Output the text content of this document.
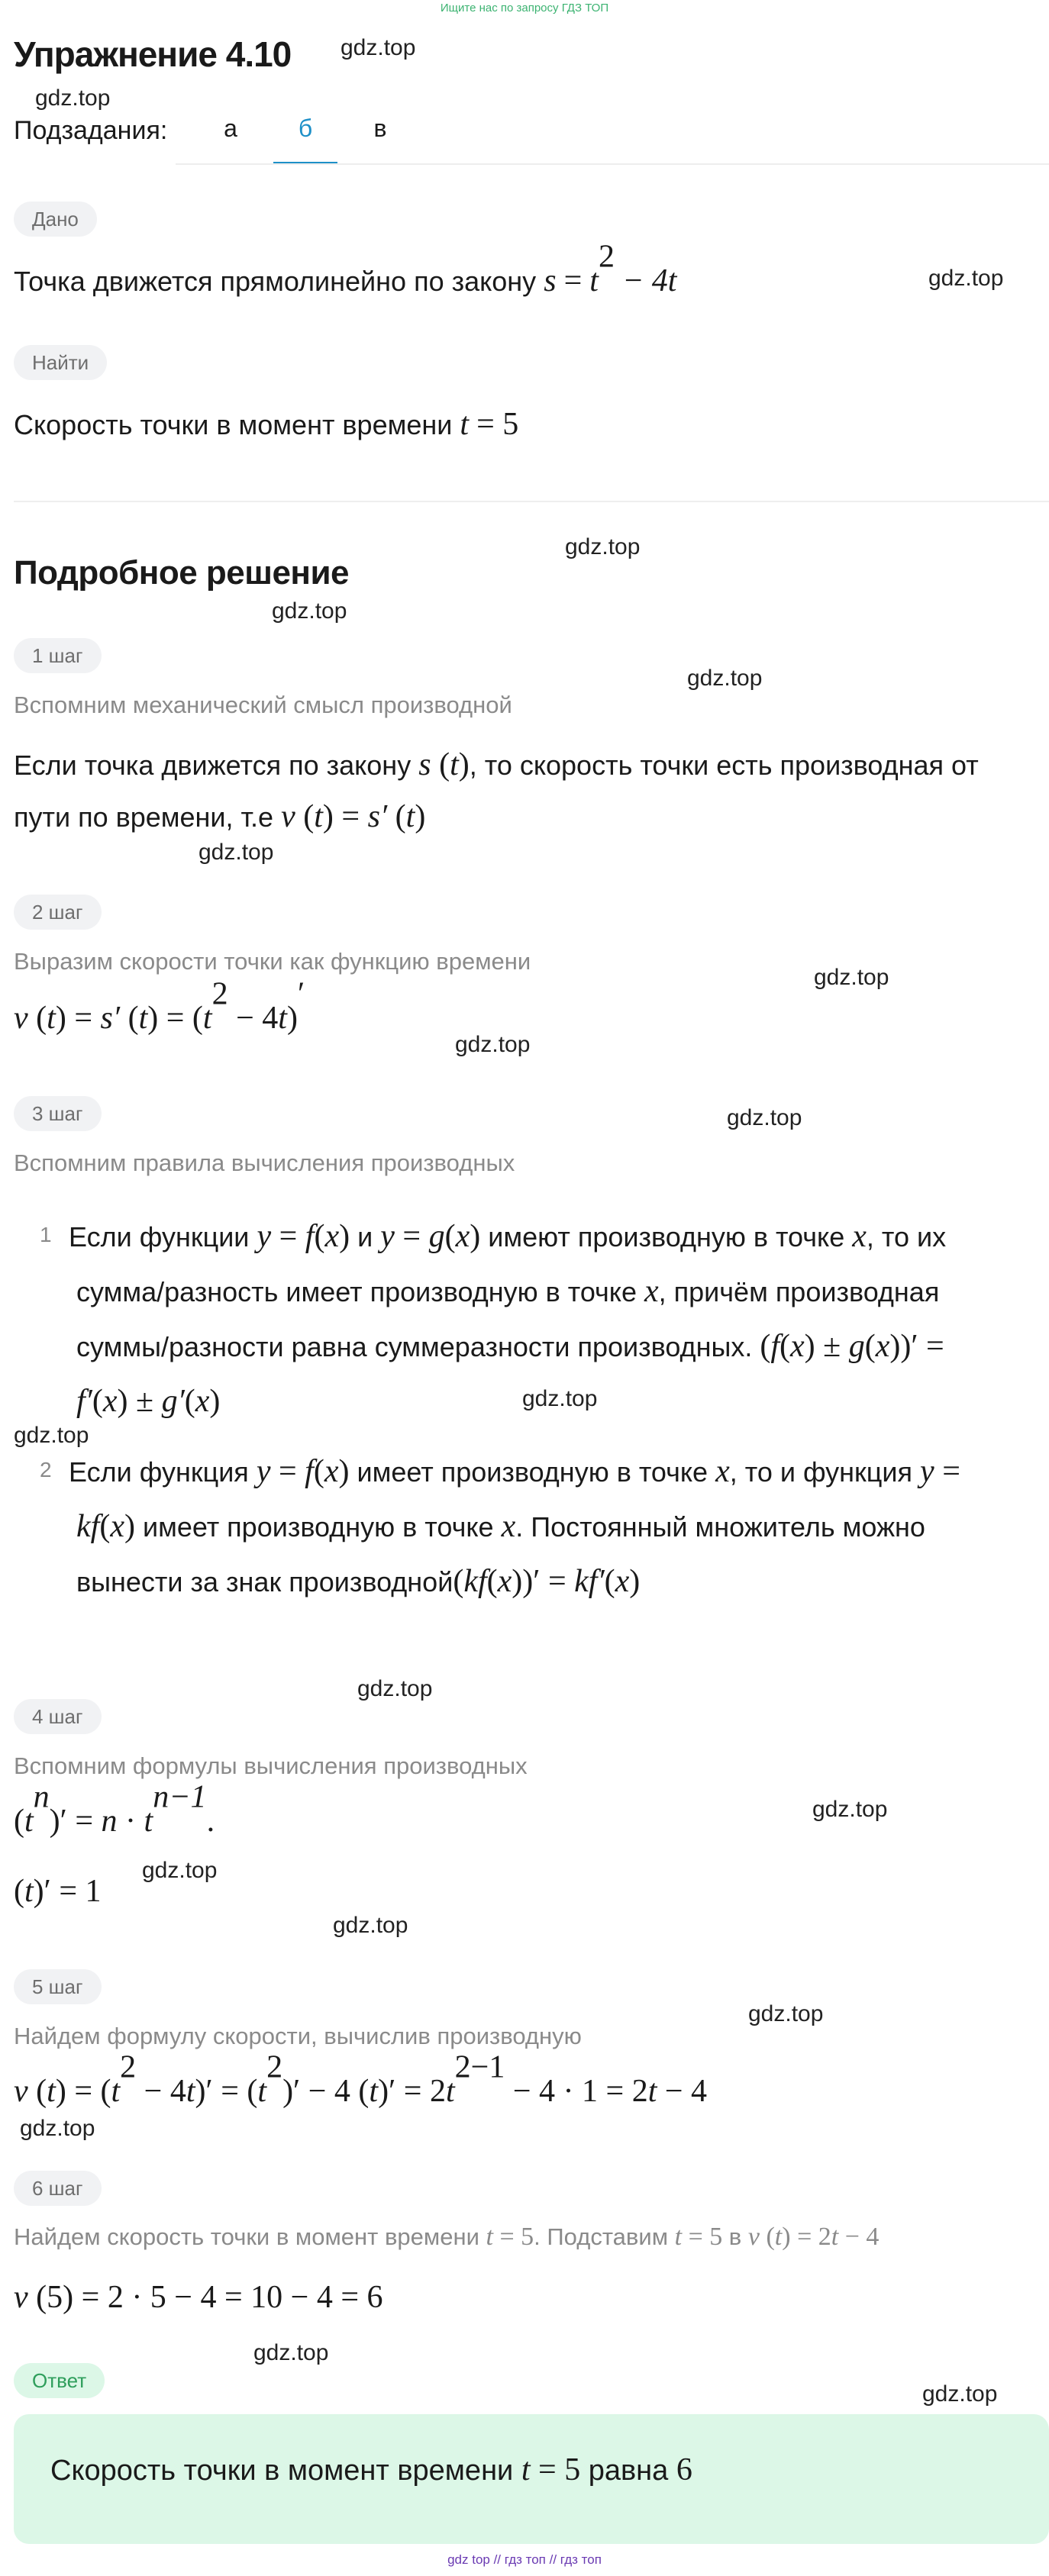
Ищите нас по запросу ГДЗ ТОП
Упражнение 4.10 gdz.top
gdz.top
gdz.top
gdz.top
gdz.top
gdz.top
gdz.top
gdz.top
gdz.top
gdz.top
gdz.top
gdz.top
gdz.top
gdz.top
gdz.top
gdz.top
gdz.top
gdz.top
gdz.top
gdz.top
Подзадания:	а	б	в
Дано
Точка движется прямолинейно по закону $s = t^2 - 4t$
Найти
Скорость точки в момент времени t = 5
Подробное решение
1 шаг
Вспомним механический смысл производной
Если точка движется по закону s (t), то скорость точки есть производная от
пути по времени, т.е v (t) = s′ (t)
2 шаг
Выразим скорости точки как функцию времени
v (t) = s′ $(t) = (t^2 - 4t)'$
3 шаг
Вспомним правила вычисления производных
1 Если функции y = f(x) и y = g(x) имеют производную в точке x, то их
сумма/разность имеет производную в точке x, причём производная
суммы/разности равна суммеразности производных. (f(x) ± g(x))′ =
f′(x) ± g′(x)
2 Если функция y = f(x) имеет производную в точке x, то и функция y =
kf(x) имеет производную в точке x. Постоянный множитель можно
вынести за знак производной(kf(x))′ = kf′(x)
4 шаг
Вспомним формулы вычисления производных
$(t^n)' = n \cdot t^{n-1}$.
(t)′ = 1
5 шаг
Найдем формулу скорости, вычислив производную
v $(t) = (t^2 - 4t)' = (t^2)' - 4$ $(t)' = 2t^{2-1} - 4 \cdot 1 = 2t - 4$
6 шаг
Найдем скорость точки в момент времени t = 5. Подставим t = 5 в v (t) = 2t − 4
v (5) = 2 · 5 − 4 = 10 − 4 = 6
Ответ
Скорость точки в момент времени t = 5 равна 6
gdz top // гдз топ // гдз топ
